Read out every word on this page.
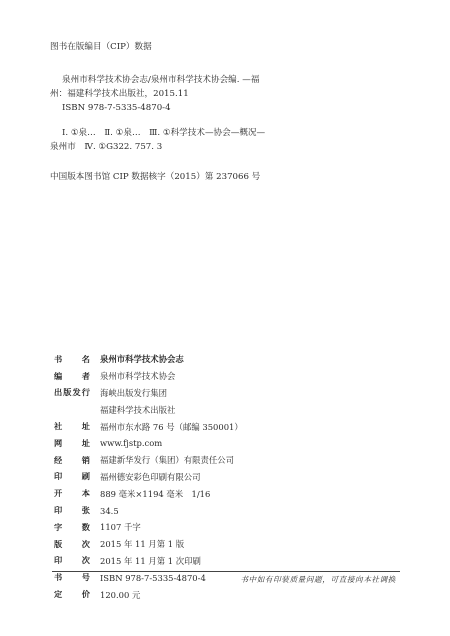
图书在版编目（CIP）数据
泉州市科学技术协会志/泉州市科学技术协会编. —福
州：福建科学技术出版社，2015.11
ISBN 978-7-5335-4870-4
Ⅰ. ①泉…　Ⅱ. ①泉…　Ⅲ. ①科学技术—协会—概况—
泉州市　Ⅳ. ①G322. 757. 3
中国版本图书馆 CIP 数据核字（2015）第 237066 号
书 名 泉州市科学技术协会志
编 者 泉州市科学技术协会
出 版 发 行 海峡出版发行集团
福建科学技术出版社
社 址 福州市东水路 76 号（邮编 350001）
网 址 www.fjstp.com
经 销 福建新华发行（集团）有限责任公司
印 刷 福州德安彩色印刷有限公司
开 本 889 毫米×1194 毫米　1/16
印 张 34.5
字 数 1107 千字
版 次 2015 年 11 月第 1 版
印 次 2015 年 11 月第 1 次印刷
书 号 ISBN 978-7-5335-4870-4
定 价 120.00 元
书中如有印装质量问题，可直接向本社调换
